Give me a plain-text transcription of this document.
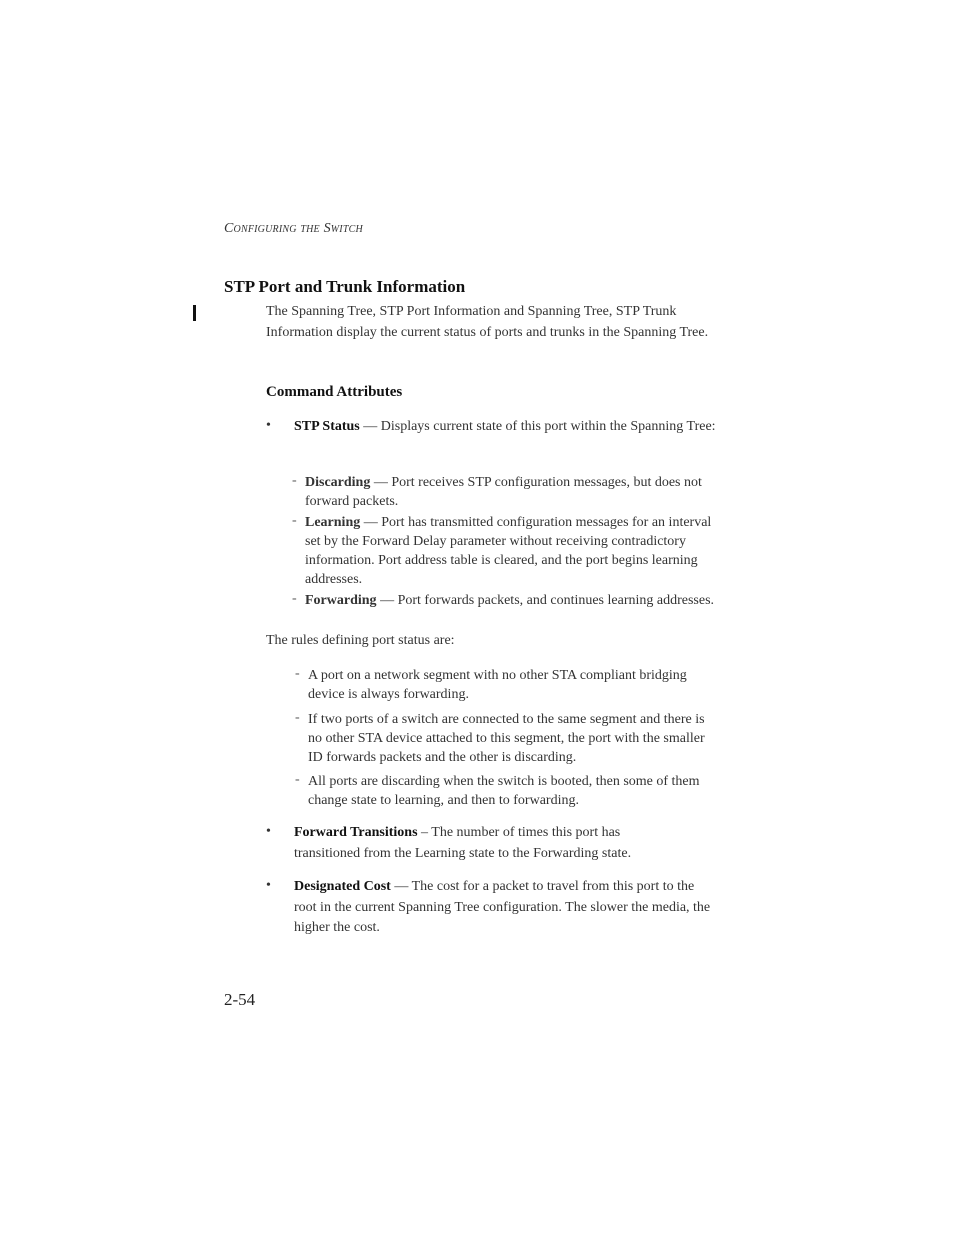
CONFIGURING THE SWITCH
STP Port and Trunk Information
The Spanning Tree, STP Port Information and Spanning Tree, STP Trunk Information display the current status of ports and trunks in the Spanning Tree.
Command Attributes
• STP Status — Displays current state of this port within the Spanning Tree:
- Discarding — Port receives STP configuration messages, but does not forward packets.
- Learning — Port has transmitted configuration messages for an interval set by the Forward Delay parameter without receiving contradictory information. Port address table is cleared, and the port begins learning addresses.
- Forwarding — Port forwards packets, and continues learning addresses.
The rules defining port status are:
- A port on a network segment with no other STA compliant bridging device is always forwarding.
- If two ports of a switch are connected to the same segment and there is no other STA device attached to this segment, the port with the smaller ID forwards packets and the other is discarding.
- All ports are discarding when the switch is booted, then some of them change state to learning, and then to forwarding.
• Forward Transitions – The number of times this port has transitioned from the Learning state to the Forwarding state.
• Designated Cost — The cost for a packet to travel from this port to the root in the current Spanning Tree configuration. The slower the media, the higher the cost.
2-54
